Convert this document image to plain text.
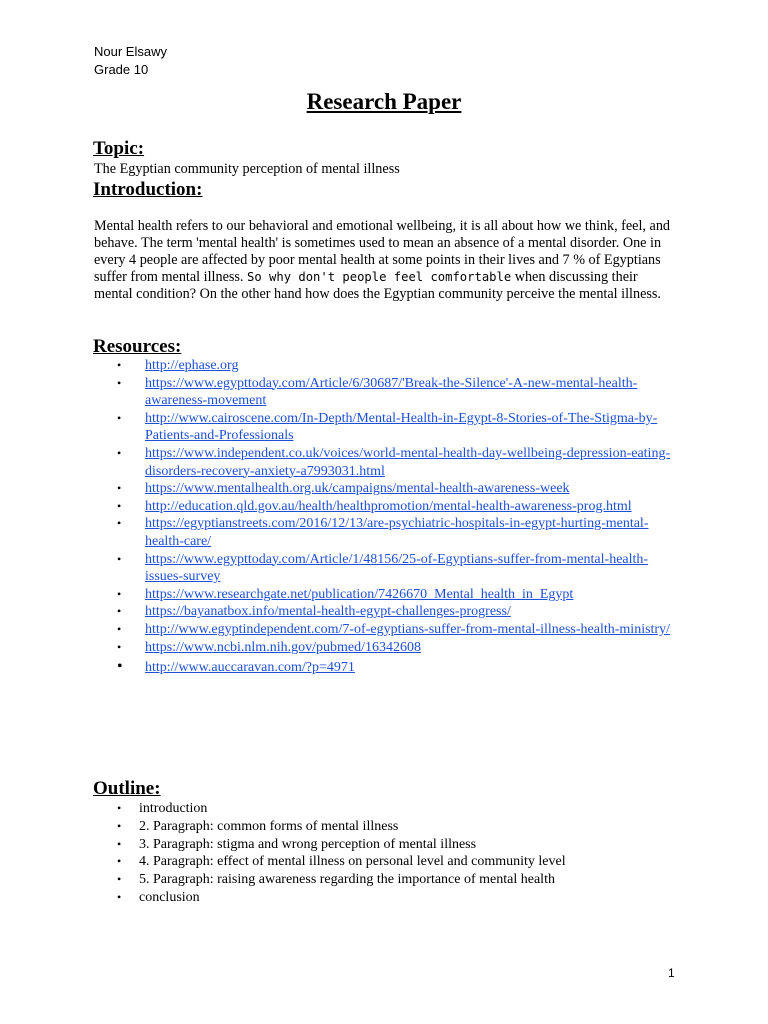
Nour Elsawy
Grade 10
Research Paper
Topic:
The Egyptian community perception of mental illness
Introduction:
Mental health refers to our behavioral and emotional wellbeing, it is all about how we think, feel, and behave. The term 'mental health' is sometimes used to mean an absence of a mental disorder. One in every 4 people are affected by poor mental health at some points in their lives and 7 % of Egyptians suffer from mental illness. So why don't people feel comfortable when discussing their mental condition? On the other hand how does the Egyptian community perceive the mental illness.
Resources:
• http://ephase.org
• https://www.egypttoday.com/Article/6/30687/'Break-the-Silence'-A-new-mental-health-awareness-movement
• http://www.cairoscene.com/In-Depth/Mental-Health-in-Egypt-8-Stories-of-The-Stigma-by-Patients-and-Professionals
• https://www.independent.co.uk/voices/world-mental-health-day-wellbeing-depression-eating-disorders-recovery-anxiety-a7993031.html
• https://www.mentalhealth.org.uk/campaigns/mental-health-awareness-week
• http://education.qld.gov.au/health/healthpromotion/mental-health-awareness-prog.html
• https://egyptianstreets.com/2016/12/13/are-psychiatric-hospitals-in-egypt-hurting-mental-health-care/
• https://www.egypttoday.com/Article/1/48156/25-of-Egyptians-suffer-from-mental-health-issues-survey
• https://www.researchgate.net/publication/7426670_Mental_health_in_Egypt
• https://bayanatbox.info/mental-health-egypt-challenges-progress/
• http://www.egyptindependent.com/7-of-egyptians-suffer-from-mental-illness-health-ministry/
• https://www.ncbi.nlm.nih.gov/pubmed/16342608
• http://www.auccaravan.com/?p=4971
Outline:
• introduction
• 2. Paragraph: common forms of mental illness
• 3. Paragraph: stigma and wrong perception of mental illness
• 4. Paragraph: effect of mental illness on personal level and community level
• 5. Paragraph: raising awareness regarding the importance of mental health
• conclusion
1
